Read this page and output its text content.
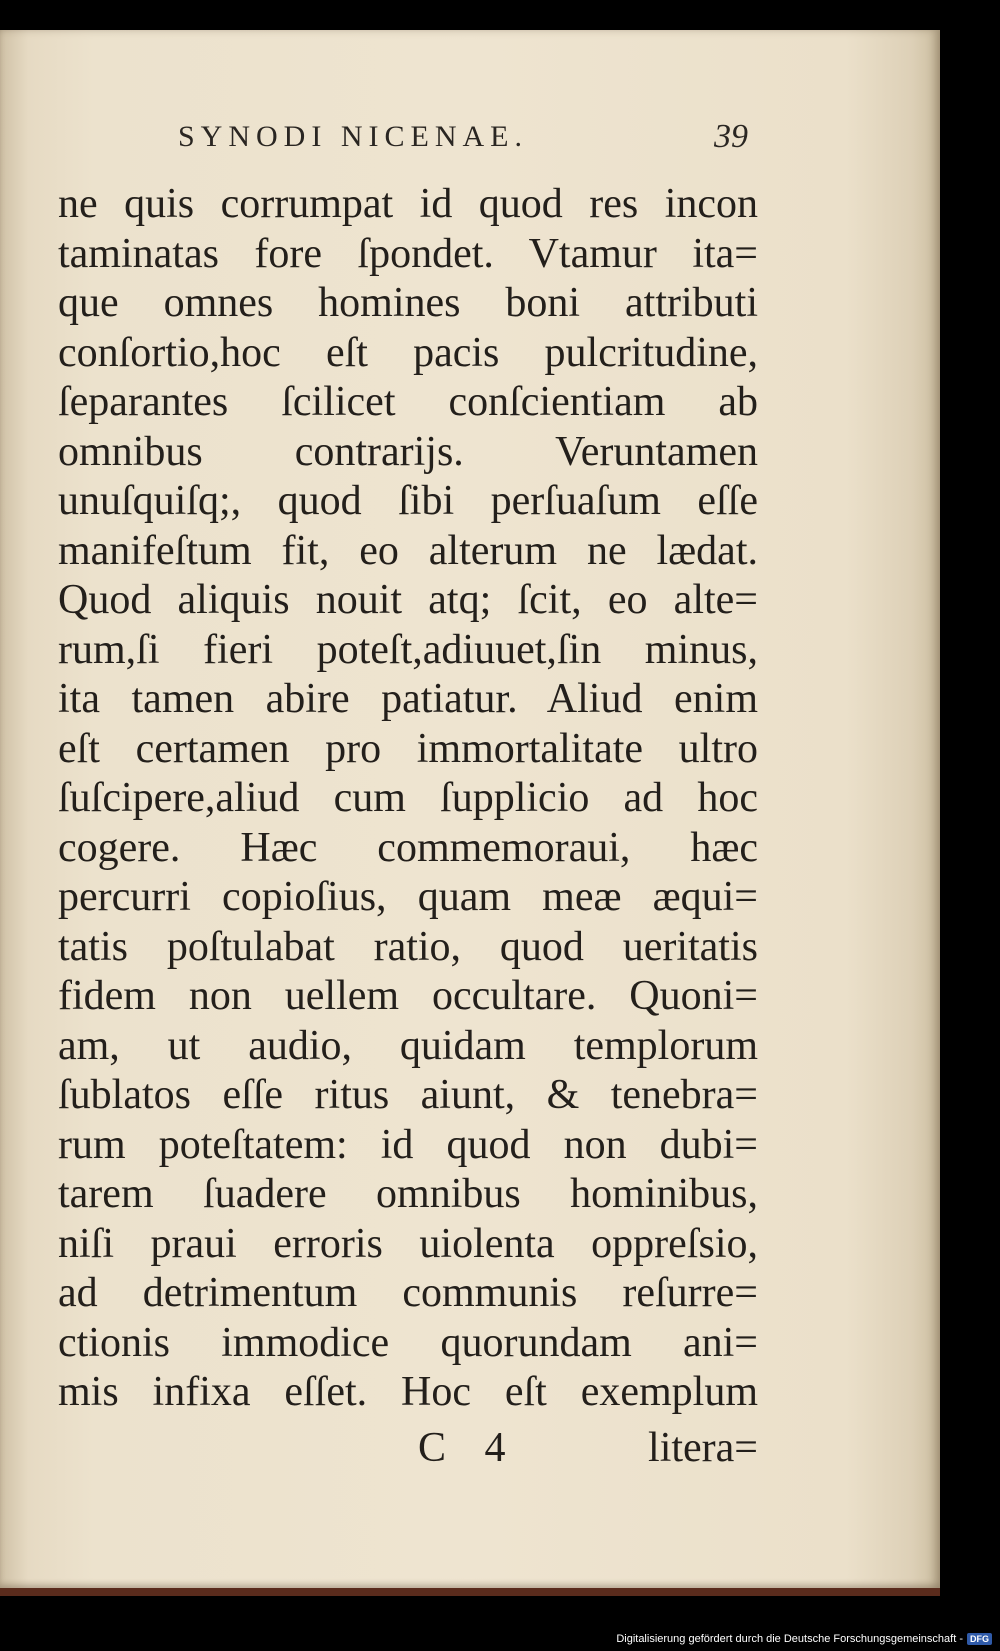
SYNODI NICENAE.	39
ne quis corrumpat id quod res incon
taminatas fore ſpondet. Vtamur ita=
que omnes homines boni attributi
conſortio,hoc eſt pacis pulcritudine,
ſeparantes ſcilicet conſcientiam ab
omnibus contrarijs. Veruntamen
unuſquiſq;, quod ſibi perſuaſum eſſe
manifeſtum fit, eo alterum ne lædat.
Quod aliquis nouit atq; ſcit, eo alte=
rum,ſi fieri poteſt,adiuuet,ſin minus,
ita tamen abire patiatur. Aliud enim
eſt certamen pro immortalitate ultro
ſuſcipere,aliud cum ſupplicio ad hoc
cogere. Hæc commemoraui, hæc
percurri copioſius, quam meæ æqui=
tatis poſtulabat ratio, quod ueritatis
fidem non uellem occultare. Quoni=
am, ut audio, quidam templorum
ſublatos eſſe ritus aiunt, & tenebra=
rum poteſtatem: id quod non dubi=
tarem ſuadere omnibus hominibus,
niſi praui erroris uiolenta oppreſsio,
ad detrimentum communis reſurre=
ctionis immodice quorundam ani=
mis infixa eſſet. Hoc eſt exemplum
C 4	litera=
Digitalisierung gefördert durch die Deutsche Forschungsgemeinschaft - DFG
